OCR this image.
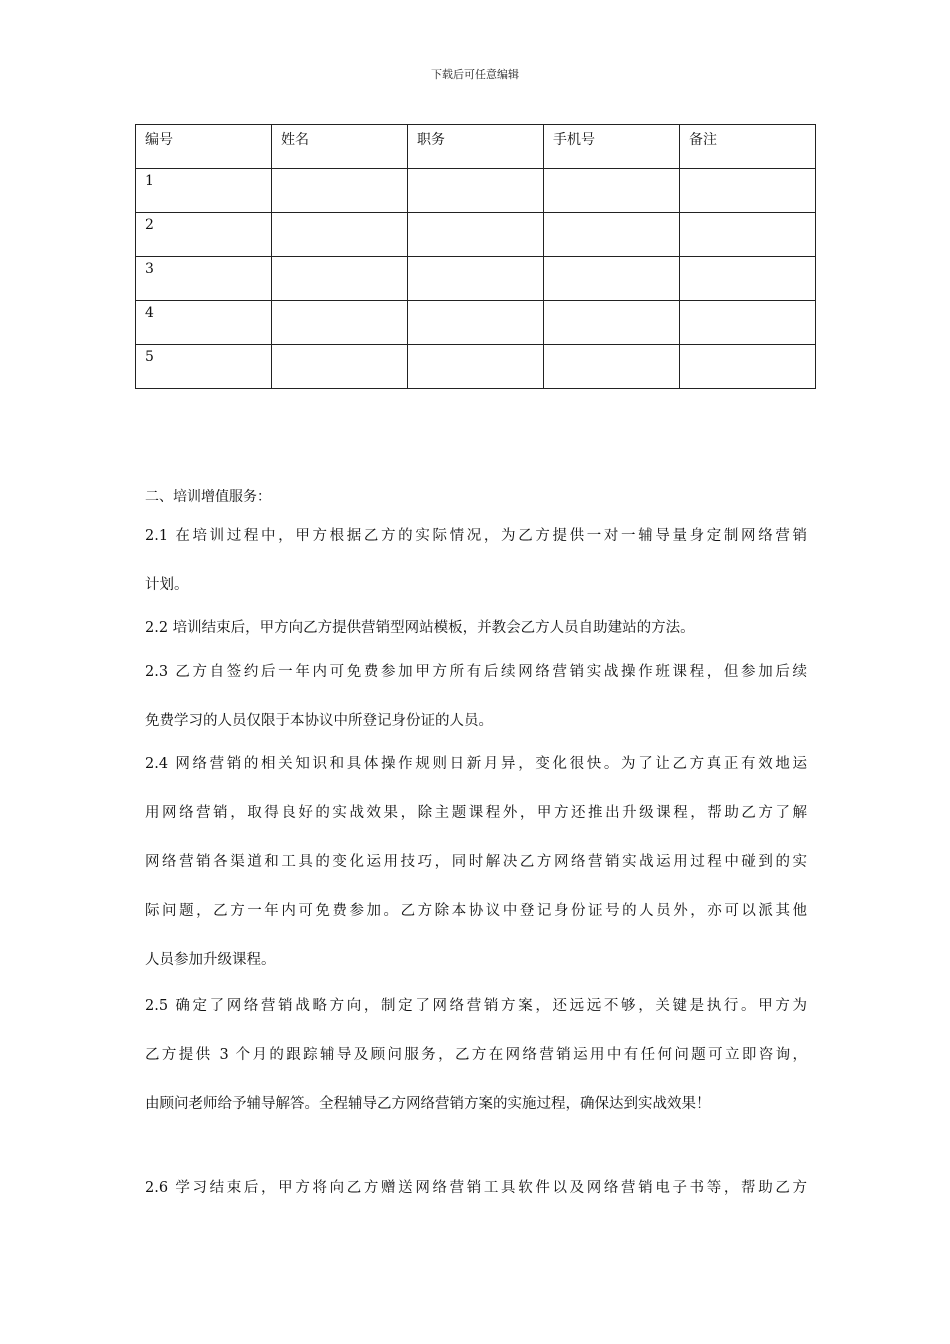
下载后可任意编辑
编号	姓名	职务	手机号	备注
1				
2				
3				
4				
5				
二、培训增值服务：
2.1 在培训过程中，甲方根据乙方的实际情况，为乙方提供一对一辅导量身定制网络营销
计划。
2.2 培训结束后，甲方向乙方提供营销型网站模板，并教会乙方人员自助建站的方法。
2.3 乙方自签约后一年内可免费参加甲方所有后续网络营销实战操作班课程，但参加后续
免费学习的人员仅限于本协议中所登记身份证的人员。
2.4 网络营销的相关知识和具体操作规则日新月异，变化很快。为了让乙方真正有效地运
用网络营销，取得良好的实战效果，除主题课程外，甲方还推出升级课程，帮助乙方了解
网络营销各渠道和工具的变化运用技巧，同时解决乙方网络营销实战运用过程中碰到的实
际问题，乙方一年内可免费参加。乙方除本协议中登记身份证号的人员外，亦可以派其他
人员参加升级课程。
2.5 确定了网络营销战略方向，制定了网络营销方案，还远远不够，关键是执行。甲方为
乙方提供 3 个月的跟踪辅导及顾问服务，乙方在网络营销运用中有任何问题可立即咨询，
由顾问老师给予辅导解答。全程辅导乙方网络营销方案的实施过程，确保达到实战效果！
2.6 学习结束后，甲方将向乙方赠送网络营销工具软件以及网络营销电子书等，帮助乙方
